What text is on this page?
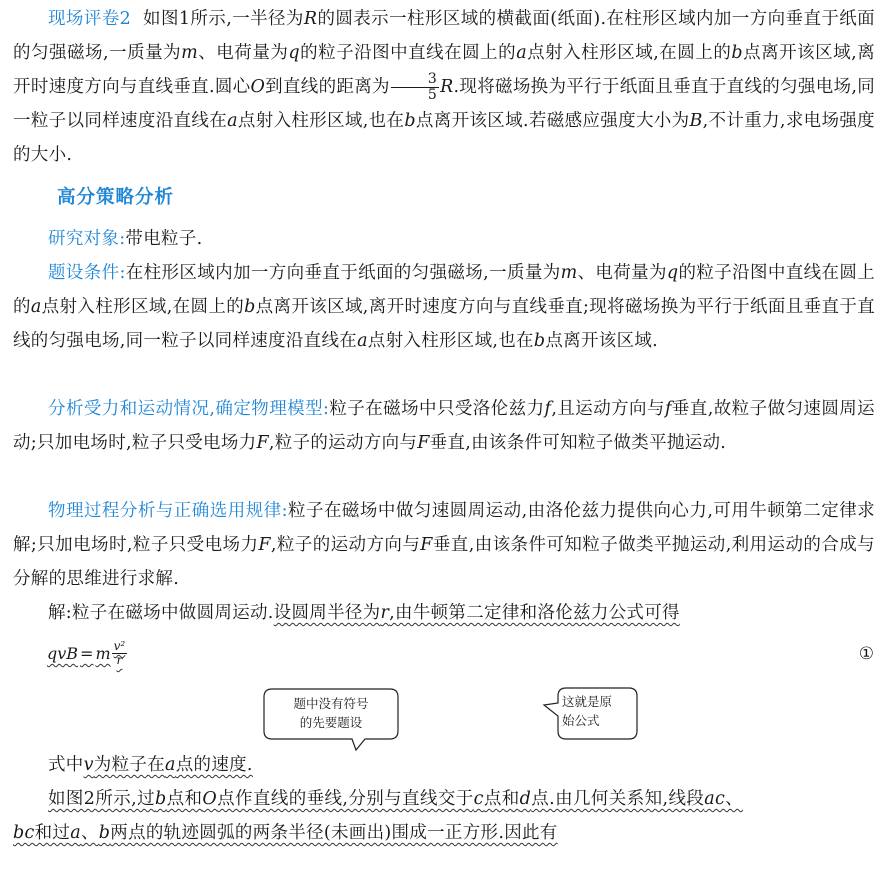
现场评卷2 如图1所示,一半径为R的圆表示一柱形区域的横截面(纸面).在柱形区域内加一方向垂直于纸面的匀强磁场,一质量为m、电荷量为q的粒子沿图中直线在圆上的a点射入柱形区域,在圆上的b点离开该区域,离开时速度方向与直线垂直.圆心O到直线的距离为 $\frac{3}{5} R$.现将磁场换为平行于纸面且垂直于直线的匀强电场,同一粒子以同样速度沿直线在a点射入柱形区域,也在b点离开该区域.若磁感应强度大小为B,不计重力,求电场强度的大小.

高分策略分析

研究对象:带电粒子.

题设条件:在柱形区域内加一方向垂直于纸面的匀强磁场,一质量为m、电荷量为q的粒子沿图中直线在圆上的a点射入柱形区域,在圆上的b点离开该区域,离开时速度方向与直线垂直;现将磁场换为平行于纸面且垂直于直线的匀强电场,同一粒子以同样速度沿直线在a点射入柱形区域,也在b点离开该区域.

分析受力和运动情况,确定物理模型:粒子在磁场中只受洛伦兹力f,且运动方向与f垂直,故粒子做匀速圆周运动;只加电场时,粒子只受电场力F,粒子的运动方向与F垂直,由该条件可知粒子做类平抛运动.

物理过程分析与正确选用规律:粒子在磁场中做匀速圆周运动,由洛伦兹力提供向心力,可用牛顿第二定律求解;只加电场时,粒子只受电场力F,粒子的运动方向与F垂直,由该条件可知粒子做类平抛运动,利用运动的合成与分解的思维进行求解.

解:粒子在磁场中做圆周运动.设圆周半径为r,由牛顿第二定律和洛伦兹力公式可得

qvB = m $\frac{\text{v²}}{r}$	①
题中没有符号
的先要题设
这就是原
始公式

式中v为粒子在a点的速度.

如图2所示,过b点和O点作直线的垂线,分别与直线交于c点和d点.由几何关系知,线段ac、bc和过a、b两点的轨迹圆弧的两条半径(未画出)围成一正方形.因此有
